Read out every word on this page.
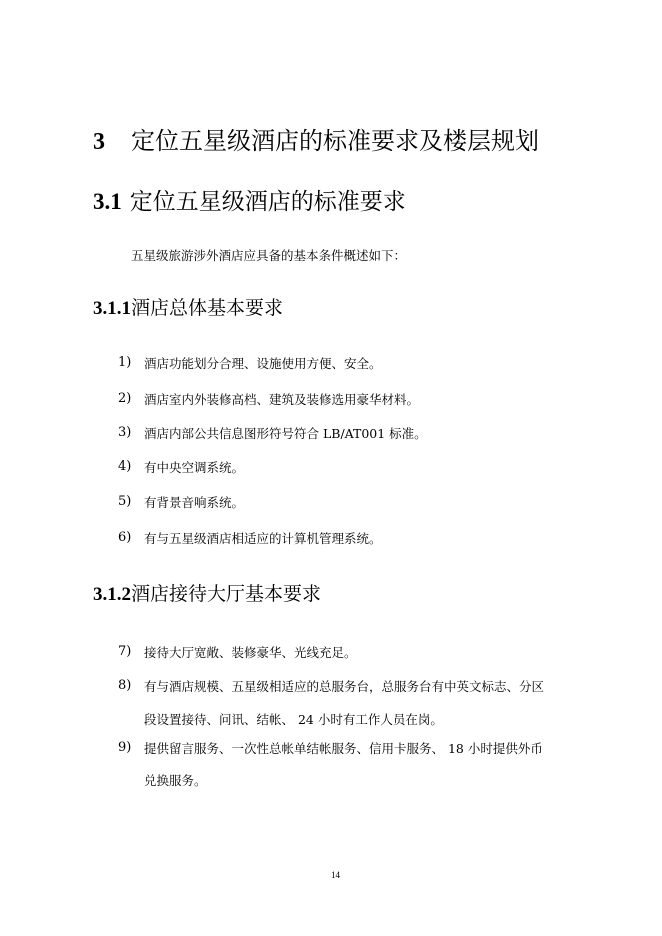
3 定位五星级酒店的标准要求及楼层规划
3.1 定位五星级酒店的标准要求
五星级旅游涉外酒店应具备的基本条件概述如下：
3.1.1酒店总体基本要求
1) 酒店功能划分合理、设施使用方便、安全。
2) 酒店室内外装修高档、建筑及装修选用豪华材料。
3) 酒店内部公共信息图形符号符合 LB/AT001 标准。
4) 有中央空调系统。
5) 有背景音响系统。
6) 有与五星级酒店相适应的计算机管理系统。
3.1.2酒店接待大厅基本要求
7) 接待大厅宽敞、装修豪华、光线充足。
8) 有与酒店规模、五星级相适应的总服务台，总服务台有中英文标志、分区
段设置接待、问讯、结帐、 24 小时有工作人员在岗。
9) 提供留言服务、一次性总帐单结帐服务、信用卡服务、 18 小时提供外币
兑换服务。
14
